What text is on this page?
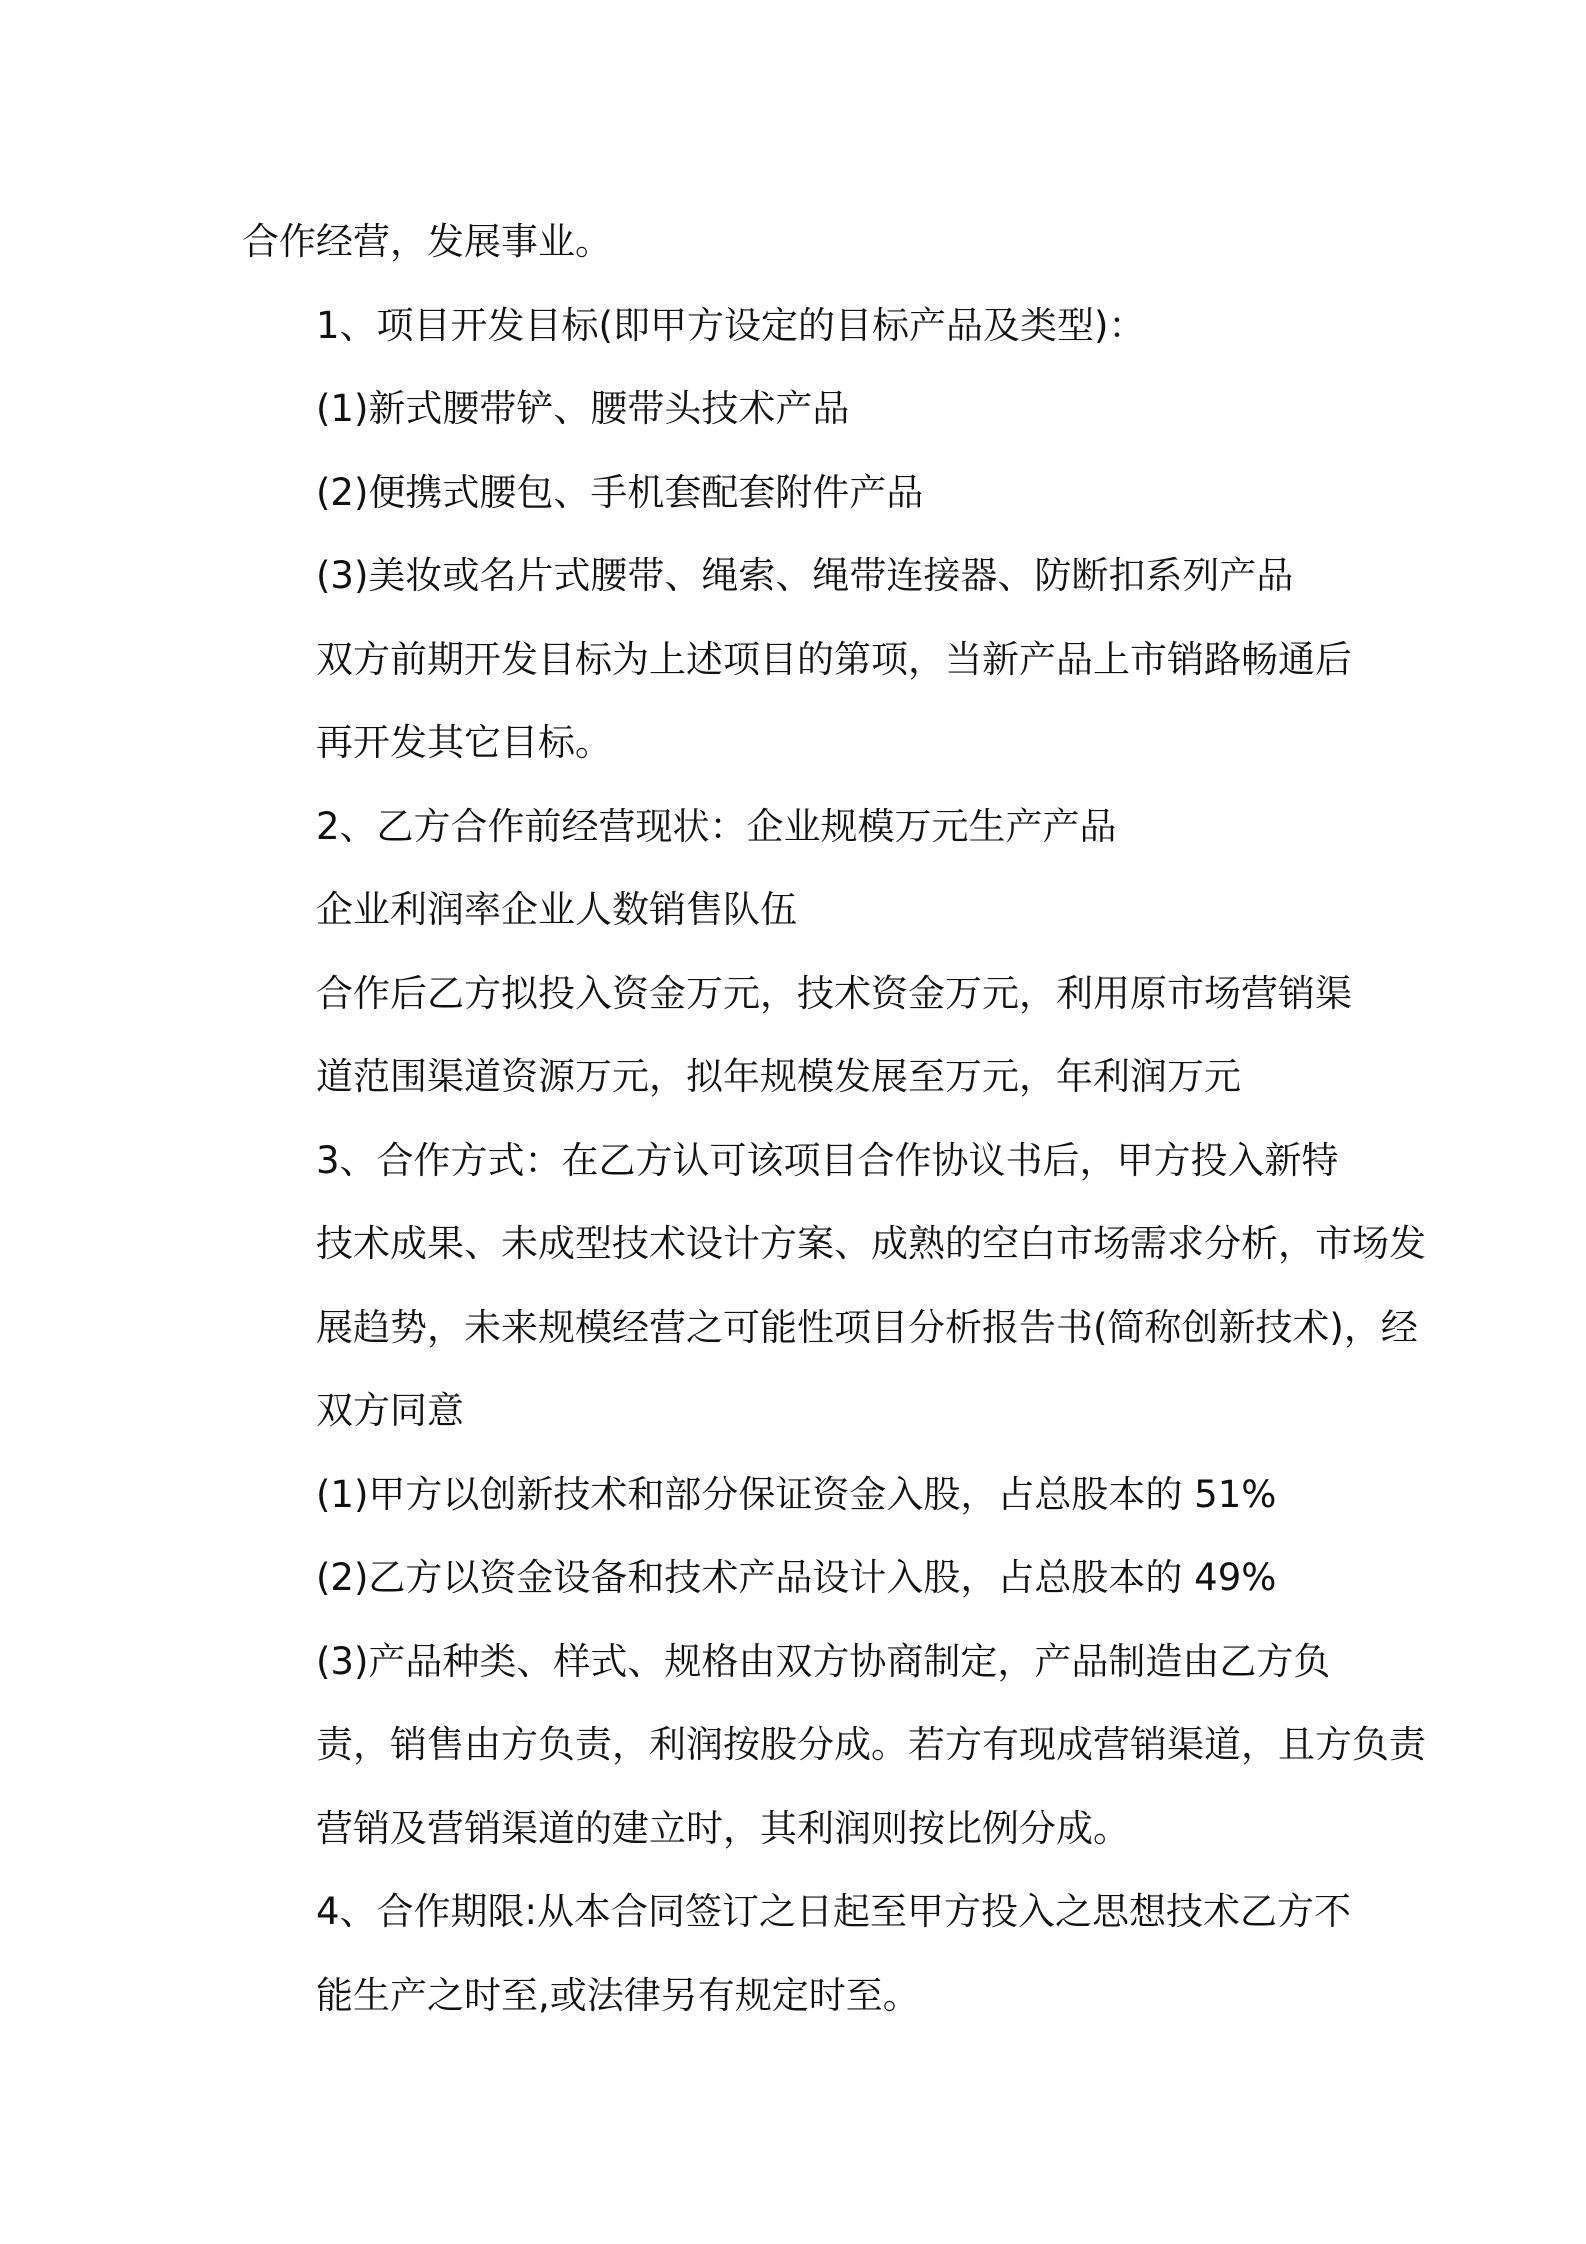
合作经营，发展事业。

1、项目开发目标(即甲方设定的目标产品及类型)：

(1)新式腰带铲、腰带头技术产品

(2)便携式腰包、手机套配套附件产品

(3)美妆或名片式腰带、绳索、绳带连接器、防断扣系列产品

双方前期开发目标为上述项目的第项，当新产品上市销路畅通后
再开发其它目标。

2、乙方合作前经营现状：企业规模万元生产产品

企业利润率企业人数销售队伍

合作后乙方拟投入资金万元，技术资金万元，利用原市场营销渠
道范围渠道资源万元，拟年规模发展至万元，年利润万元

3、合作方式：在乙方认可该项目合作协议书后，甲方投入新特
技术成果、未成型技术设计方案、成熟的空白市场需求分析，市场发
展趋势，未来规模经营之可能性项目分析报告书(简称创新技术)，经
双方同意

(1)甲方以创新技术和部分保证资金入股，占总股本的 51%

(2)乙方以资金设备和技术产品设计入股，占总股本的 49%

(3)产品种类、样式、规格由双方协商制定，产品制造由乙方负
责，销售由方负责，利润按股分成。若方有现成营销渠道，且方负责
营销及营销渠道的建立时，其利润则按比例分成。

4、合作期限:从本合同签订之日起至甲方投入之思想技术乙方不
能生产之时至,或法律另有规定时至。
